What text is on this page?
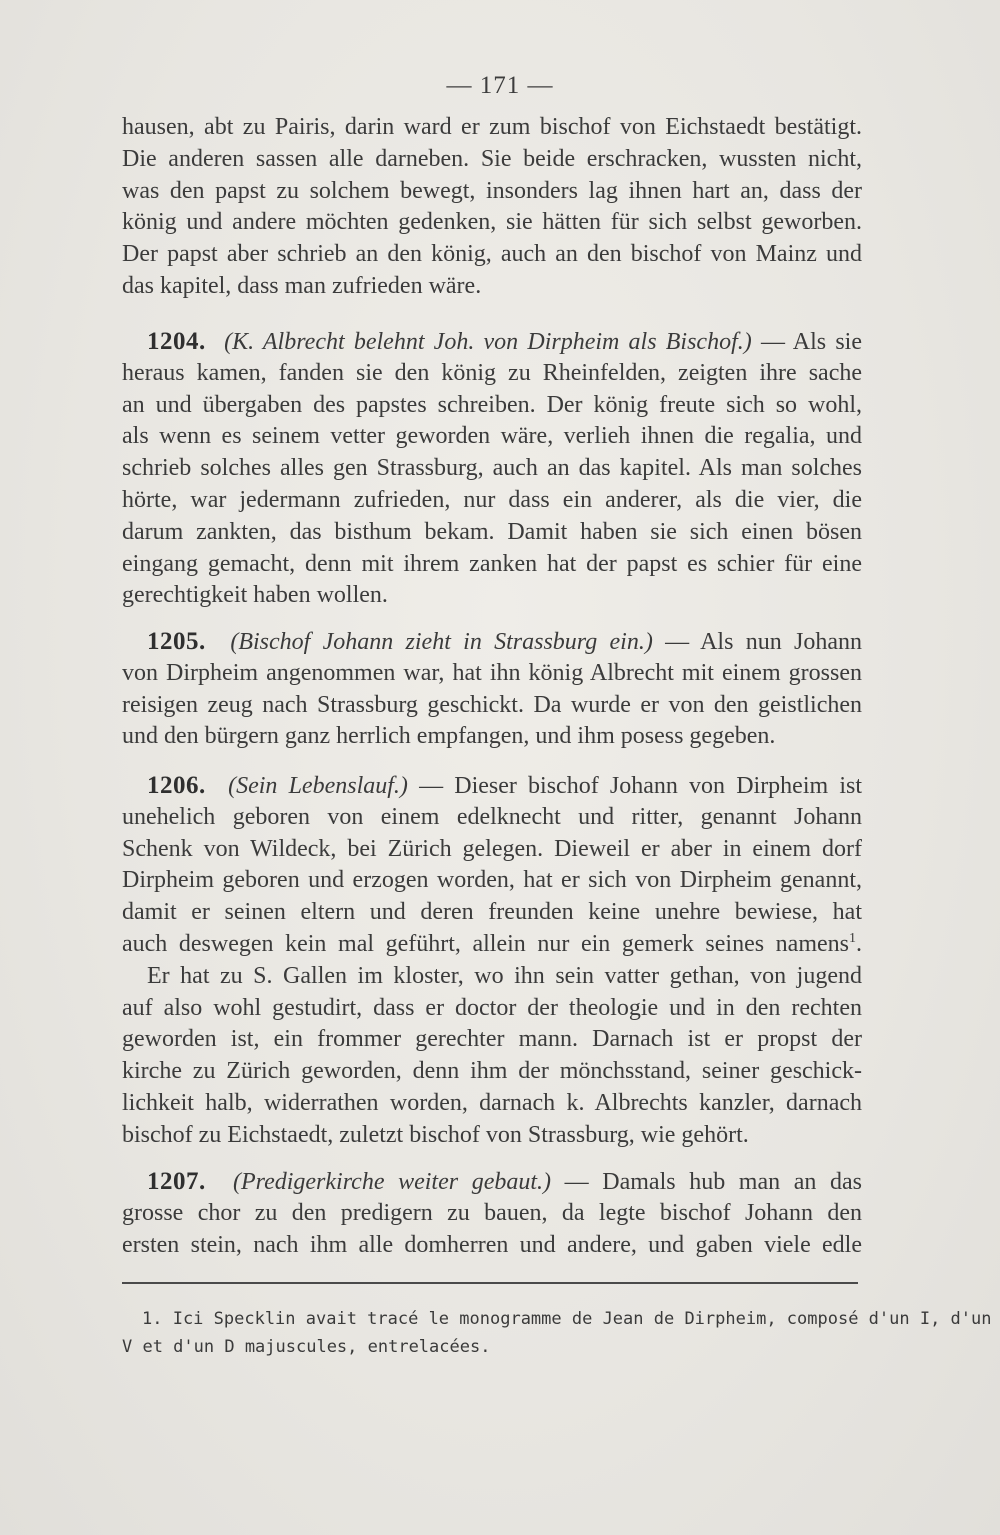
— 171 —
hausen, abt zu Pairis, darin ward er zum bischof von Eichstaedt bestätigt.
Die anderen sassen alle darneben. Sie beide erschracken, wussten nicht,
was den papst zu solchem bewegt, insonders lag ihnen hart an, dass der
könig und andere möchten gedenken, sie hätten für sich selbst geworben.
Der papst aber schrieb an den könig, auch an den bischof von Mainz und
das kapitel, dass man zufrieden wäre.
1204. (K. Albrecht belehnt Joh. von Dirpheim als Bischof.) — Als sie
heraus kamen, fanden sie den könig zu Rheinfelden, zeigten ihre sache
an und übergaben des papstes schreiben. Der könig freute sich so wohl,
als wenn es seinem vetter geworden wäre, verlieh ihnen die regalia, und
schrieb solches alles gen Strassburg, auch an das kapitel. Als man solches
hörte, war jedermann zufrieden, nur dass ein anderer, als die vier, die
darum zankten, das bisthum bekam. Damit haben sie sich einen bösen
eingang gemacht, denn mit ihrem zanken hat der papst es schier für eine
gerechtigkeit haben wollen.
1205. (Bischof Johann zieht in Strassburg ein.) — Als nun Johann
von Dirpheim angenommen war, hat ihn könig Albrecht mit einem grossen
reisigen zeug nach Strassburg geschickt. Da wurde er von den geistlichen
und den bürgern ganz herrlich empfangen, und ihm posess gegeben.
1206. (Sein Lebenslauf.) — Dieser bischof Johann von Dirpheim ist
unehelich geboren von einem edelknecht und ritter, genannt Johann
Schenk von Wildeck, bei Zürich gelegen. Dieweil er aber in einem dorf
Dirpheim geboren und erzogen worden, hat er sich von Dirpheim genannt,
damit er seinen eltern und deren freunden keine unehre bewiese, hat
auch deswegen kein mal geführt, allein nur ein gemerk seines namens$^1$.
Er hat zu S. Gallen im kloster, wo ihn sein vatter gethan, von jugend
auf also wohl gestudirt, dass er doctor der theologie und in den rechten
geworden ist, ein frommer gerechter mann. Darnach ist er propst der
kirche zu Zürich geworden, denn ihm der mönchsstand, seiner geschick-
lichkeit halb, widerrathen worden, darnach k. Albrechts kanzler, darnach
bischof zu Eichstaedt, zuletzt bischof von Strassburg, wie gehört.
1207. (Predigerkirche weiter gebaut.) — Damals hub man an das
grosse chor zu den predigern zu bauen, da legte bischof Johann den
ersten stein, nach ihm alle domherren und andere, und gaben viele edle
1. Ici Specklin avait tracé le monogramme de Jean de Dirpheim, composé d'un I, d'un
V et d'un D majuscules, entrelacées.
